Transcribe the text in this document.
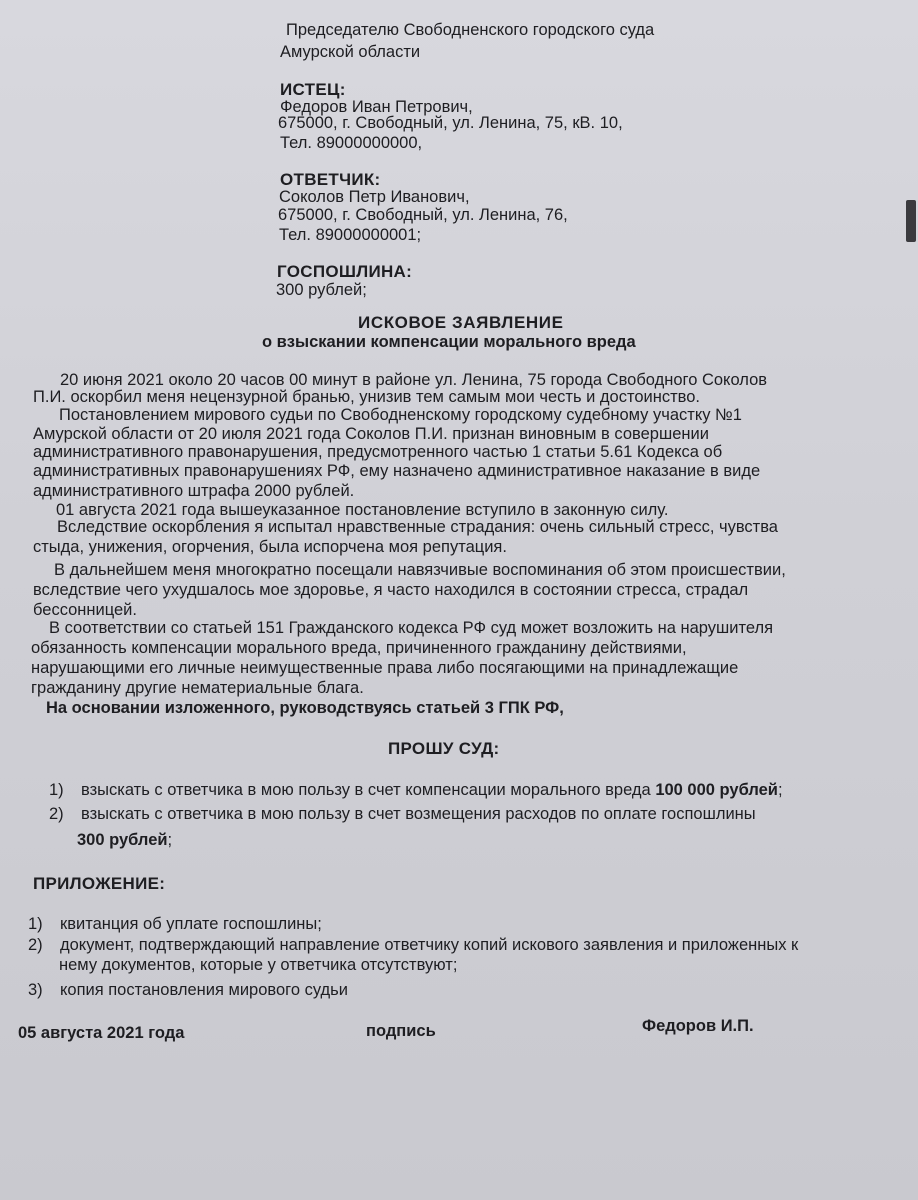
Председателю Свободненского городского суда
Амурской области
ИСТЕЦ:
Федоров Иван Петрович,
675000, г. Свободный, ул. Ленина, 75, кВ. 10,
Тел. 89000000000,
ОТВЕТЧИК:
Соколов Петр Иванович,
675000, г. Свободный, ул. Ленина, 76,
Тел. 89000000001;
ГОСПОШЛИНА:
300 рублей;
ИСКОВОЕ ЗАЯВЛЕНИЕ
о взыскании компенсации морального вреда
20 июня 2021 около 20 часов 00 минут в районе ул. Ленина, 75 города Свободного Соколов
П.И. оскорбил меня нецензурной бранью, унизив тем самым мои честь и достоинство.
Постановлением мирового судьи по Свободненскому городскому судебному участку №1
Амурской области от 20 июля 2021 года Соколов П.И. признан виновным в совершении
административного правонарушения, предусмотренного частью 1 статьи 5.61 Кодекса об
административных правонарушениях РФ, ему назначено административное наказание в виде
административного штрафа 2000 рублей.
01 августа 2021 года вышеуказанное постановление вступило в законную силу.
Вследствие оскорбления я испытал нравственные страдания: очень сильный стресс, чувства
стыда, унижения, огорчения, была испорчена моя репутация.
В дальнейшем меня многократно посещали навязчивые воспоминания об этом происшествии,
вследствие чего ухудшалось мое здоровье, я часто находился в состоянии стресса, страдал
бессонницей.
В соответствии со статьей 151 Гражданского кодекса РФ суд может возложить на нарушителя
обязанность компенсации морального вреда, причиненного гражданину действиями,
нарушающими его личные неимущественные права либо посягающими на принадлежащие
гражданину другие нематериальные блага.
На основании изложенного, руководствуясь статьей 3 ГПК РФ,
ПРОШУ СУД:
1) взыскать с ответчика в мою пользу в счет компенсации морального вреда 100 000 рублей;
2) взыскать с ответчика в мою пользу в счет возмещения расходов по оплате госпошлины
300 рублей;
ПРИЛОЖЕНИЕ:
1) квитанция об уплате госпошлины;
2) документ, подтверждающий направление ответчику копий искового заявления и приложенных к
нему документов, которые у ответчика отсутствуют;
3) копия постановления мирового судьи
05 августа 2021 года	подпись	Федоров И.П.
